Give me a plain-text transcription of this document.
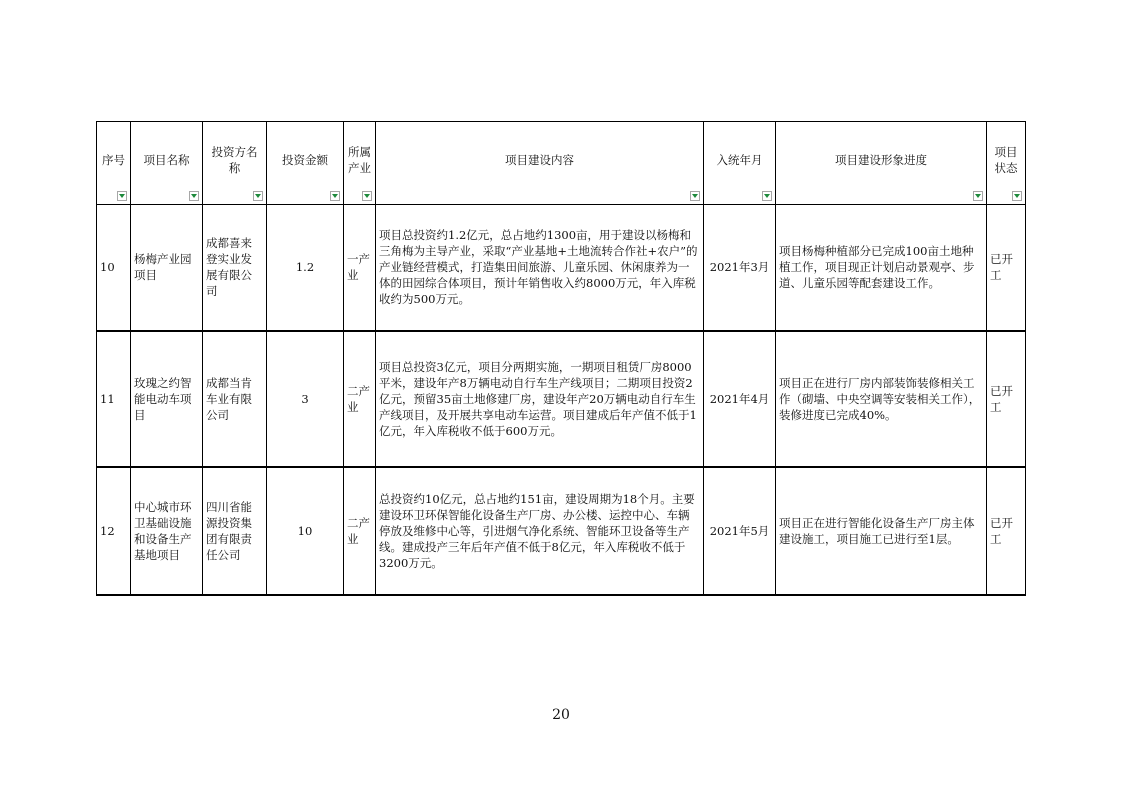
序号	项目名称	投资方名称	投资金额	所属产业	项目建设内容	入统年月	项目建设形象进度	项目状态

10	杨梅产业园项目	成都喜来登实业发展有限公司	1.2	一产业	项目总投资约1.2亿元，总占地约1300亩，用于建设以杨梅和三角梅为主导产业，采取“产业基地+土地流转合作社+农户”的产业链经营模式，打造集田间旅游、儿童乐园、休闲康养为一体的田园综合体项目，预计年销售收入约8000万元，年入库税收约为500万元。	2021年3月	项目杨梅种植部分已完成100亩土地种植工作，项目现正计划启动景观亭、步道、儿童乐园等配套建设工作。	已开工
11	玫瑰之约智能电动车项目	成都当肯车业有限公司	3	二产业	项目总投资3亿元，项目分两期实施，一期项目租赁厂房8000平米，建设年产8万辆电动自行车生产线项目；二期项目投资2亿元，预留35亩土地修建厂房，建设年产20万辆电动自行车生产线项目，及开展共享电动车运营。项目建成后年产值不低于1亿元，年入库税收不低于600万元。	2021年4月	项目正在进行厂房内部装饰装修相关工作（砌墙、中央空调等安装相关工作），装修进度已完成40%。	已开工
12	中心城市环卫基础设施和设备生产基地项目	四川省能源投资集团有限责任公司	10	二产业	总投资约10亿元，总占地约151亩，建设周期为18个月。主要建设环卫环保智能化设备生产厂房、办公楼、运控中心、车辆停放及维修中心等，引进烟气净化系统、智能环卫设备等生产线。建成投产三年后年产值不低于8亿元，年入库税收不低于3200万元。	2021年5月	项目正在进行智能化设备生产厂房主体建设施工，项目施工已进行至1层。	已开工
20
